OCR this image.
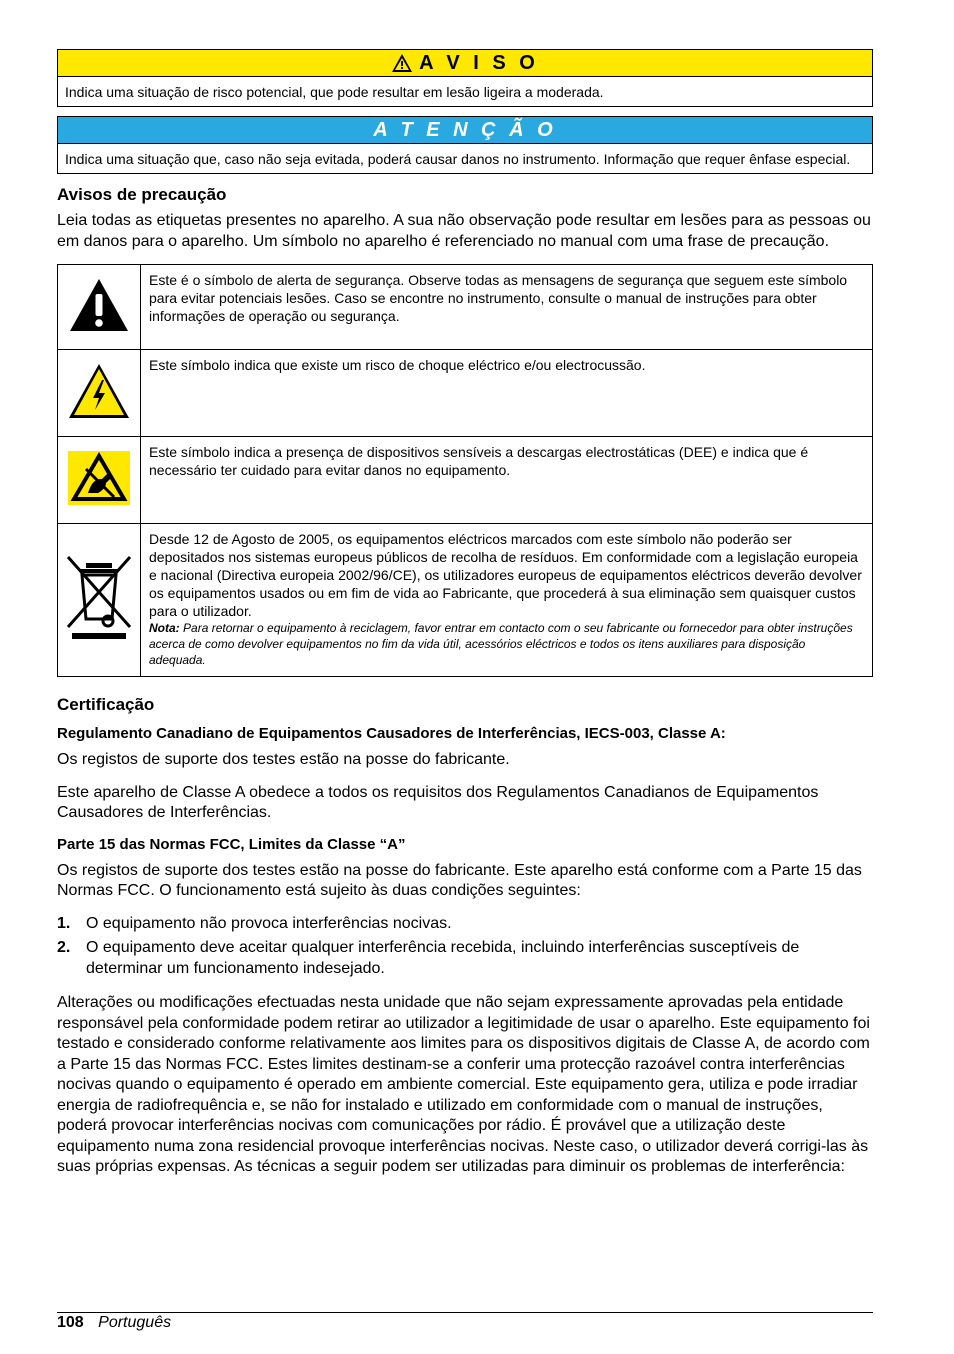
A V I S O
Indica uma situação de risco potencial, que pode resultar em lesão ligeira a moderada.
A T E N Ç Ã O
Indica uma situação que, caso não seja evitada, poderá causar danos no instrumento. Informação que requer ênfase especial.
Avisos de precaução

Leia todas as etiquetas presentes no aparelho. A sua não observação pode resultar em lesões para as pessoas ou em danos para o aparelho. Um símbolo no aparelho é referenciado no manual com uma frase de precaução.

	Este é o símbolo de alerta de segurança. Observe todas as mensagens de segurança que seguem este símbolo para evitar potenciais lesões. Caso se encontre no instrumento, consulte o manual de instruções para obter informações de operação ou segurança.
	Este símbolo indica que existe um risco de choque eléctrico e/ou electrocussão.
	Este símbolo indica a presença de dispositivos sensíveis a descargas electrostáticas (DEE) e indica que é necessário ter cuidado para evitar danos no equipamento.

Desde 12 de Agosto de 2005, os equipamentos eléctricos marcados com este símbolo não poderão ser depositados nos sistemas europeus públicos de recolha de resíduos. Em conformidade com a legislação europeia e nacional (Directiva europeia 2002/96/CE), os utilizadores europeus de equipamentos eléctricos deverão devolver os equipamentos usados ou em fim de vida ao Fabricante, que procederá à sua eliminação sem quaisquer custos para o utilizador.
Nota: Para retornar o equipamento à reciclagem, favor entrar em contacto com o seu fabricante ou fornecedor para obter instruções acerca de como devolver equipamentos no fim da vida útil, acessórios eléctricos e todos os itens auxiliares para disposição adequada.
Certificação
Regulamento Canadiano de Equipamentos Causadores de Interferências, IECS-003, Classe A:

Os registos de suporte dos testes estão na posse do fabricante.

Este aparelho de Classe A obedece a todos os requisitos dos Regulamentos Canadianos de Equipamentos Causadores de Interferências.

Parte 15 das Normas FCC, Limites da Classe “A”

Os registos de suporte dos testes estão na posse do fabricante. Este aparelho está conforme com a Parte 15 das Normas FCC. O funcionamento está sujeito às duas condições seguintes:

1. O equipamento não provoca interferências nocivas.
2. O equipamento deve aceitar qualquer interferência recebida, incluindo interferências susceptíveis de determinar um funcionamento indesejado.

Alterações ou modificações efectuadas nesta unidade que não sejam expressamente aprovadas pela entidade responsável pela conformidade podem retirar ao utilizador a legitimidade de usar o aparelho. Este equipamento foi testado e considerado conforme relativamente aos limites para os dispositivos digitais de Classe A, de acordo com a Parte 15 das Normas FCC. Estes limites destinam-se a conferir uma protecção razoável contra interferências nocivas quando o equipamento é operado em ambiente comercial. Este equipamento gera, utiliza e pode irradiar energia de radiofrequência e, se não for instalado e utilizado em conformidade com o manual de instruções, poderá provocar interferências nocivas com comunicações por rádio. É provável que a utilização deste equipamento numa zona residencial provoque interferências nocivas. Neste caso, o utilizador deverá corrigi-las às suas próprias expensas. As técnicas a seguir podem ser utilizadas para diminuir os problemas de interferência:

108 Português
